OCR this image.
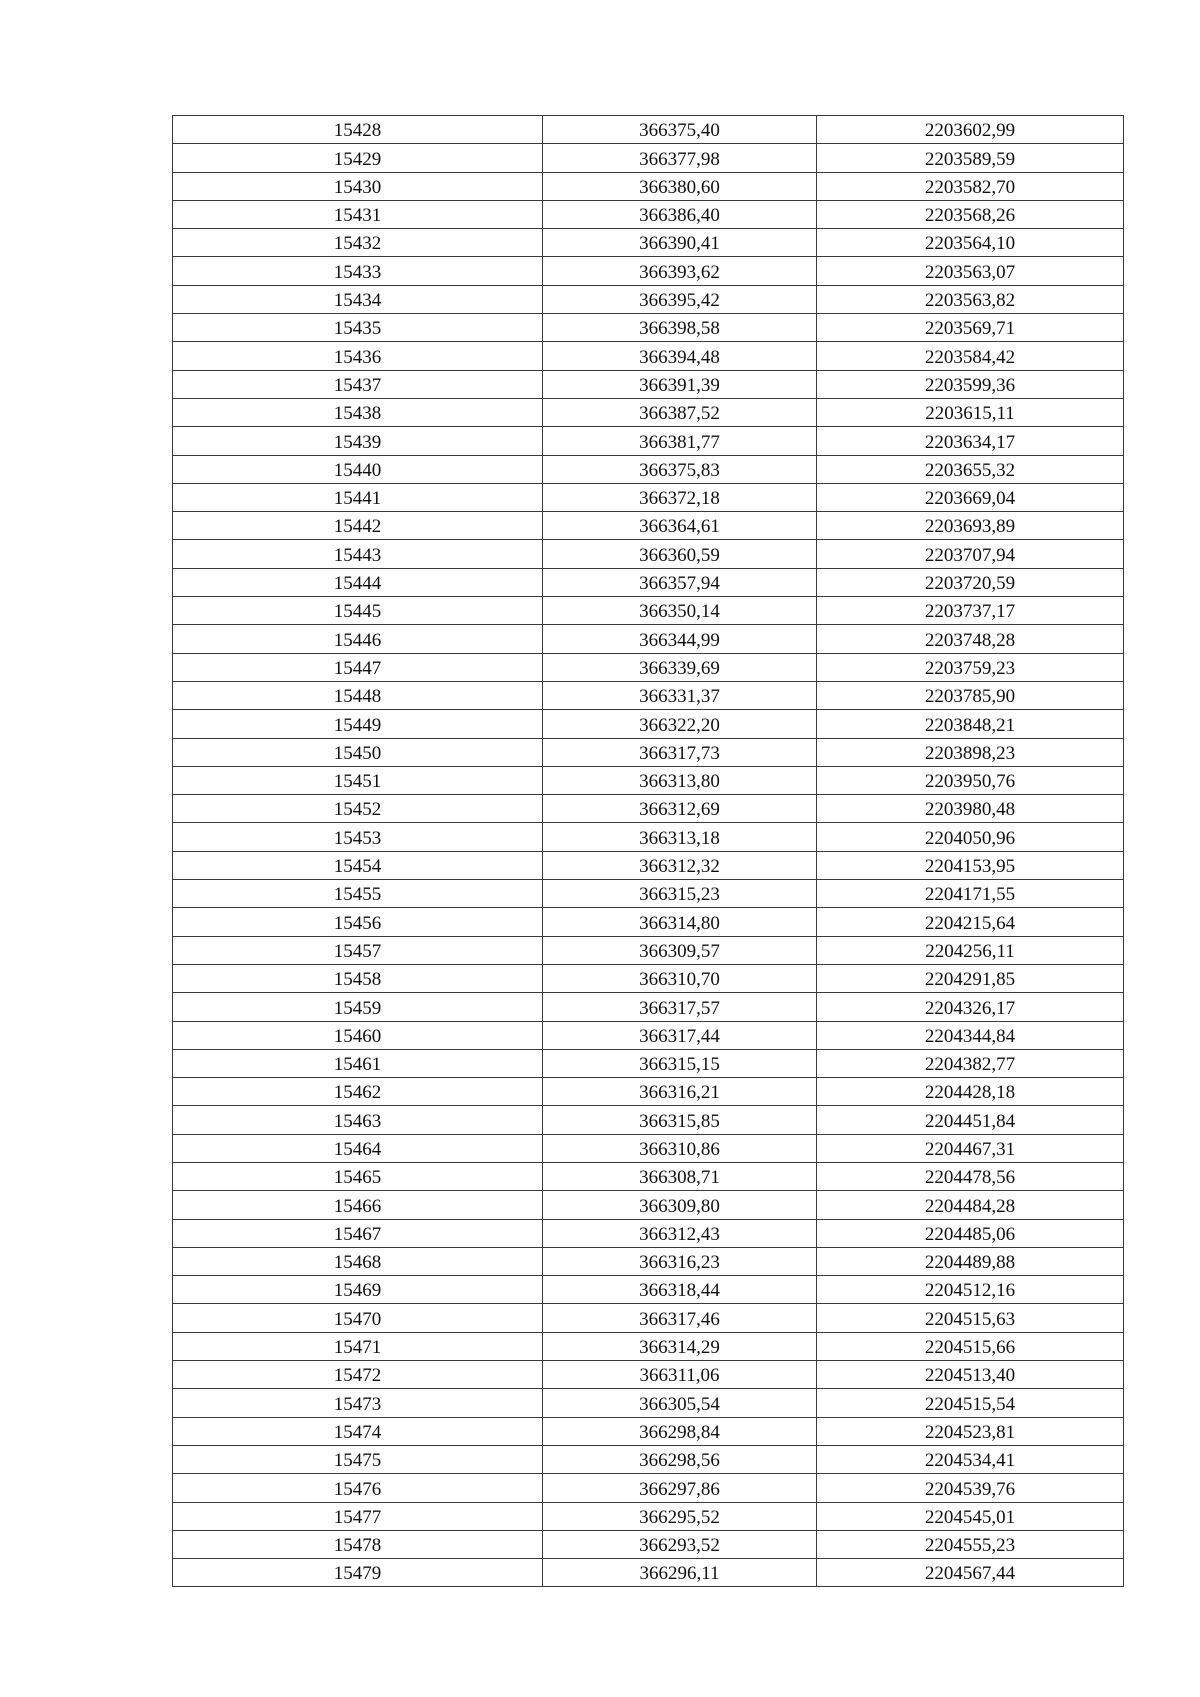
15428	366375,40	2203602,99
15429	366377,98	2203589,59
15430	366380,60	2203582,70
15431	366386,40	2203568,26
15432	366390,41	2203564,10
15433	366393,62	2203563,07
15434	366395,42	2203563,82
15435	366398,58	2203569,71
15436	366394,48	2203584,42
15437	366391,39	2203599,36
15438	366387,52	2203615,11
15439	366381,77	2203634,17
15440	366375,83	2203655,32
15441	366372,18	2203669,04
15442	366364,61	2203693,89
15443	366360,59	2203707,94
15444	366357,94	2203720,59
15445	366350,14	2203737,17
15446	366344,99	2203748,28
15447	366339,69	2203759,23
15448	366331,37	2203785,90
15449	366322,20	2203848,21
15450	366317,73	2203898,23
15451	366313,80	2203950,76
15452	366312,69	2203980,48
15453	366313,18	2204050,96
15454	366312,32	2204153,95
15455	366315,23	2204171,55
15456	366314,80	2204215,64
15457	366309,57	2204256,11
15458	366310,70	2204291,85
15459	366317,57	2204326,17
15460	366317,44	2204344,84
15461	366315,15	2204382,77
15462	366316,21	2204428,18
15463	366315,85	2204451,84
15464	366310,86	2204467,31
15465	366308,71	2204478,56
15466	366309,80	2204484,28
15467	366312,43	2204485,06
15468	366316,23	2204489,88
15469	366318,44	2204512,16
15470	366317,46	2204515,63
15471	366314,29	2204515,66
15472	366311,06	2204513,40
15473	366305,54	2204515,54
15474	366298,84	2204523,81
15475	366298,56	2204534,41
15476	366297,86	2204539,76
15477	366295,52	2204545,01
15478	366293,52	2204555,23
15479	366296,11	2204567,44
